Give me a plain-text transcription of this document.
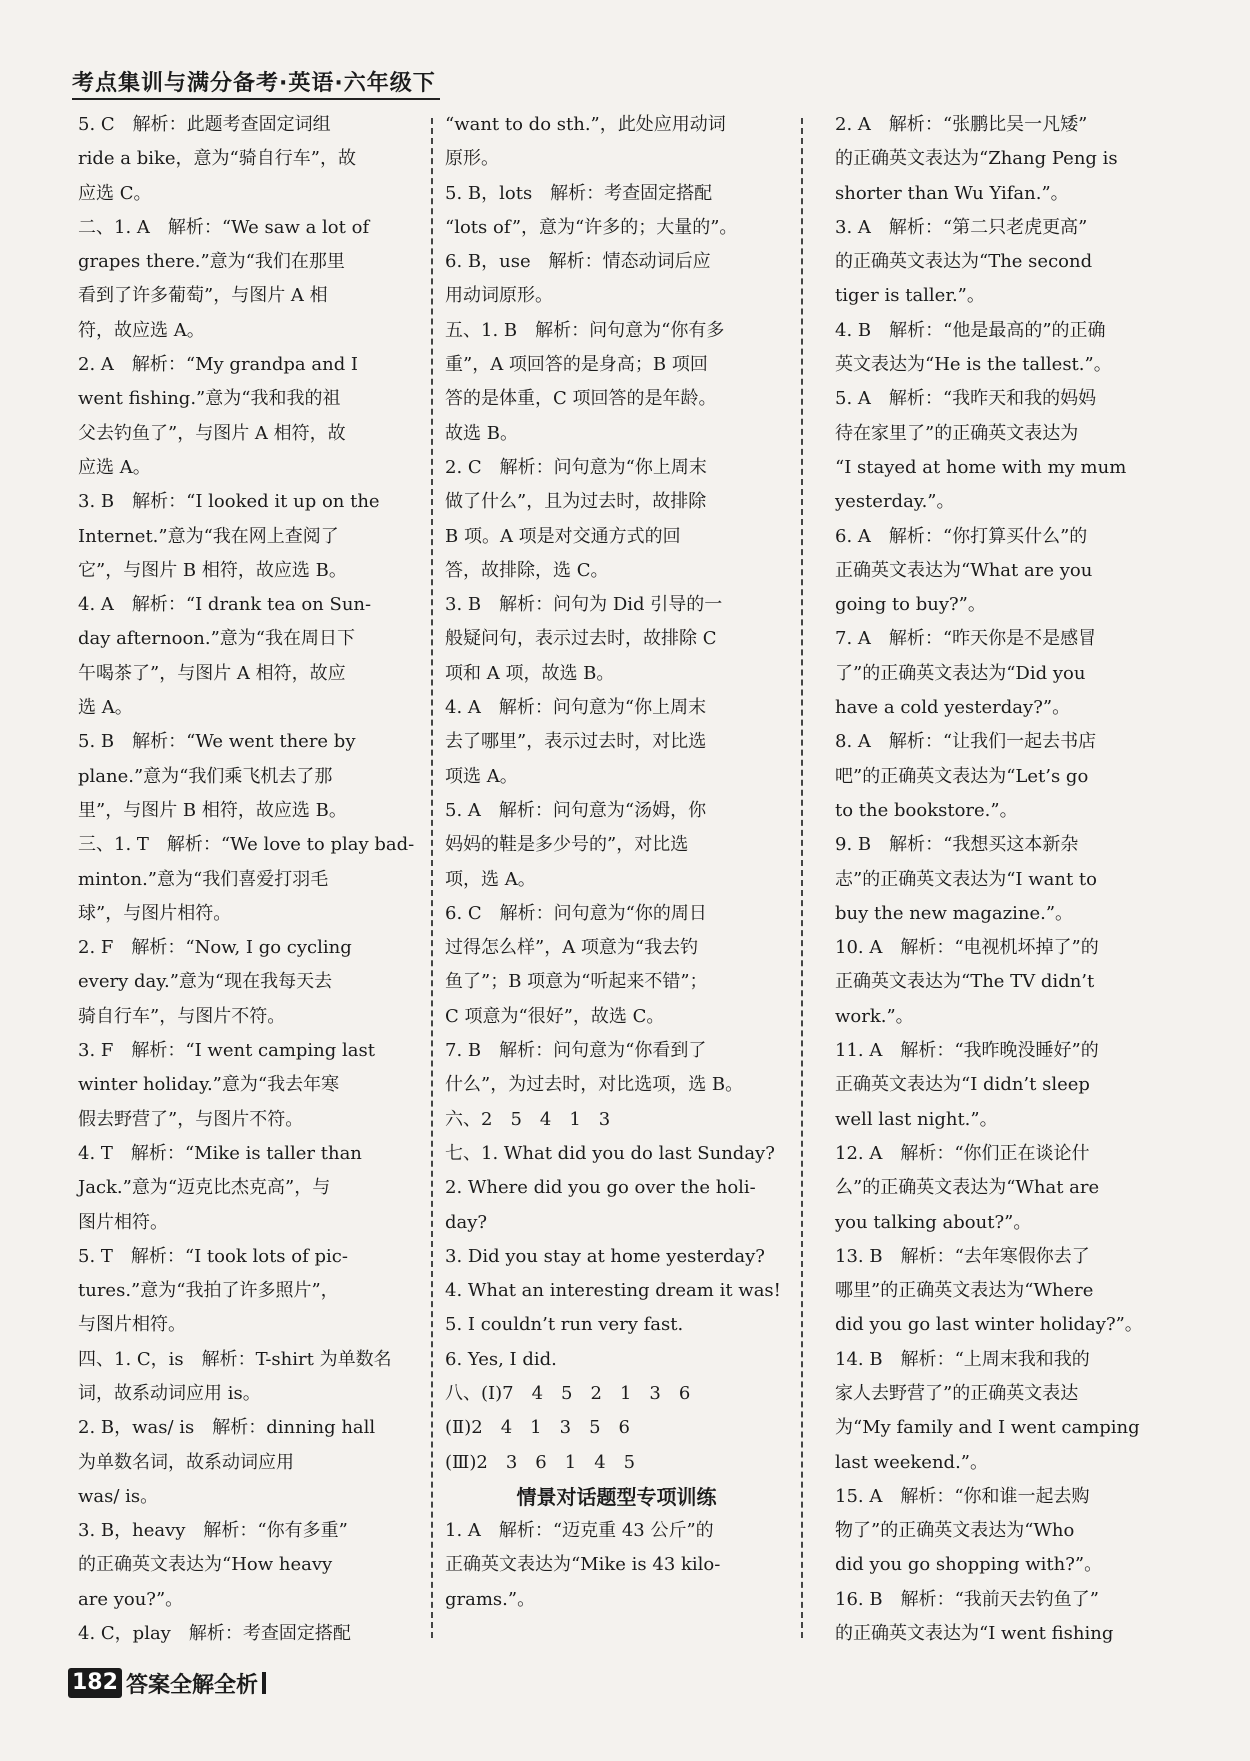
考点集训与满分备考·英语·六年级下

5. C　解析：此题考查固定词组

ride a bike，意为“骑自行车”，故

应选 C。

二、1. A　解析：“We saw a lot of

grapes there.”意为“我们在那里

看到了许多葡萄”，与图片 A 相

符，故应选 A。

2. A　解析：“My grandpa and I

went fishing.”意为“我和我的祖

父去钓鱼了”，与图片 A 相符，故

应选 A。

3. B　解析：“I looked it up on the

Internet.”意为“我在网上查阅了

它”，与图片 B 相符，故应选 B。

4. A　解析：“I drank tea on Sun-

day afternoon.”意为“我在周日下

午喝茶了”，与图片 A 相符，故应

选 A。

5. B　解析：“We went there by

plane.”意为“我们乘飞机去了那

里”，与图片 B 相符，故应选 B。

三、1. T　解析：“We love to play bad-

minton.”意为“我们喜爱打羽毛

球”，与图片相符。

2. F　解析：“Now, I go cycling

every day.”意为“现在我每天去

骑自行车”，与图片不符。

3. F　解析：“I went camping last

winter holiday.”意为“我去年寒

假去野营了”，与图片不符。

4. T　解析：“Mike is taller than

Jack.”意为“迈克比杰克高”，与

图片相符。

5. T　解析：“I took lots of pic-

tures.”意为“我拍了许多照片”，

与图片相符。

四、1. C，is　解析：T-shirt 为单数名

词，故系动词应用 is。

2. B，was/ is　解析：dinning hall

为单数名词，故系动词应用

was/ is。

3. B，heavy　解析：“你有多重”

的正确英文表达为“How heavy

are you?”。

4. C，play　解析：考查固定搭配

“want to do sth.”，此处应用动词

原形。

5. B，lots　解析：考查固定搭配

“lots of”，意为“许多的；大量的”。

6. B，use　解析：情态动词后应

用动词原形。

五、1. B　解析：问句意为“你有多

重”，A 项回答的是身高；B 项回

答的是体重，C 项回答的是年龄。

故选 B。

2. C　解析：问句意为“你上周末

做了什么”，且为过去时，故排除

B 项。A 项是对交通方式的回

答，故排除，选 C。

3. B　解析：问句为 Did 引导的一

般疑问句，表示过去时，故排除 C

项和 A 项，故选 B。

4. A　解析：问句意为“你上周末

去了哪里”，表示过去时，对比选

项选 A。

5. A　解析：问句意为“汤姆，你

妈妈的鞋是多少号的”，对比选

项，选 A。

6. C　解析：问句意为“你的周日

过得怎么样”，A 项意为“我去钓

鱼了”；B 项意为“听起来不错”；

C 项意为“很好”，故选 C。

7. B　解析：问句意为“你看到了

什么”，为过去时，对比选项，选 B。

六、2　5　4　1　3

七、1. What did you do last Sunday?

2. Where did you go over the holi-

day?

3. Did you stay at home yesterday?

4. What an interesting dream it was!

5. I couldn’t run very fast.

6. Yes, I did.

八、(Ⅰ)7　4　5　2　1　3　6

(Ⅱ)2　4　1　3　5　6

(Ⅲ)2　3　6　1　4　5

情景对话题型专项训练

1. A　解析：“迈克重 43 公斤”的

正确英文表达为“Mike is 43 kilo-

grams.”。

2. A　解析：“张鹏比吴一凡矮”

的正确英文表达为“Zhang Peng is

shorter than Wu Yifan.”。

3. A　解析：“第二只老虎更高”

的正确英文表达为“The second

tiger is taller.”。

4. B　解析：“他是最高的”的正确

英文表达为“He is the tallest.”。

5. A　解析：“我昨天和我的妈妈

待在家里了”的正确英文表达为

“I stayed at home with my mum

yesterday.”。

6. A　解析：“你打算买什么”的

正确英文表达为“What are you

going to buy?”。

7. A　解析：“昨天你是不是感冒

了”的正确英文表达为“Did you

have a cold yesterday?”。

8. A　解析：“让我们一起去书店

吧”的正确英文表达为“Let’s go

to the bookstore.”。

9. B　解析：“我想买这本新杂

志”的正确英文表达为“I want to

buy the new magazine.”。

10. A　解析：“电视机坏掉了”的

正确英文表达为“The TV didn’t

work.”。

11. A　解析：“我昨晚没睡好”的

正确英文表达为“I didn’t sleep

well last night.”。

12. A　解析：“你们正在谈论什

么”的正确英文表达为“What are

you talking about?”。

13. B　解析：“去年寒假你去了

哪里”的正确英文表达为“Where

did you go last winter holiday?”。

14. B　解析：“上周末我和我的

家人去野营了”的正确英文表达

为“My family and I went camping

last weekend.”。

15. A　解析：“你和谁一起去购

物了”的正确英文表达为“Who

did you go shopping with?”。

16. B　解析：“我前天去钓鱼了”

的正确英文表达为“I went fishing

182 答案全解全析
